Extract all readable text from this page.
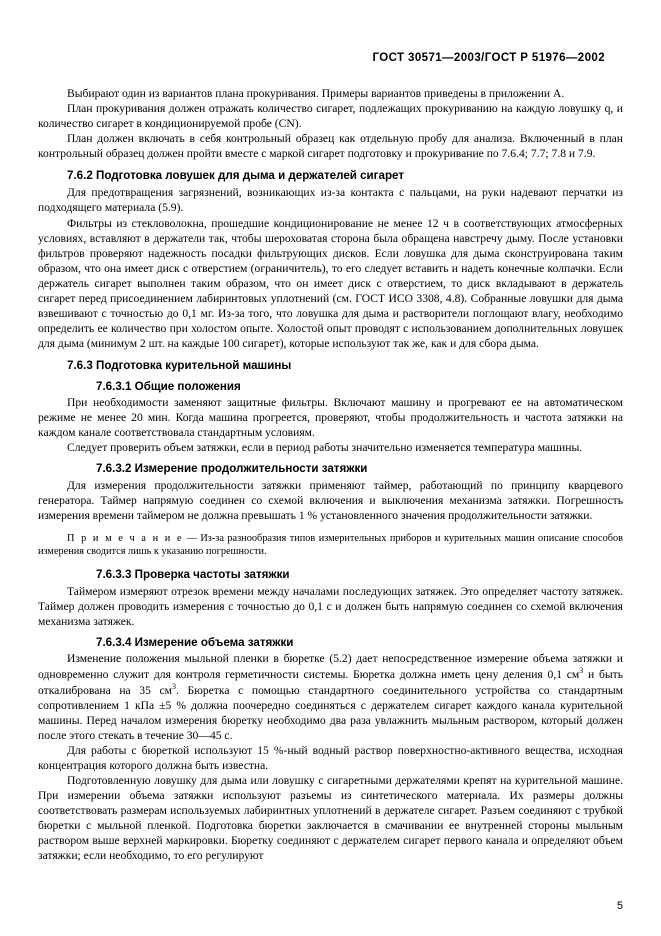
ГОСТ 30571—2003/ГОСТ Р 51976—2002

Выбирают один из вариантов плана прокуривания. Примеры вариантов приведены в приложении А.

План прокуривания должен отражать количество сигарет, подлежащих прокуриванию на каждую ловушку q, и количество сигарет в кондиционируемой пробе (CN).

План должен включать в себя контрольный образец как отдельную пробу для анализа. Включенный в план контрольный образец должен пройти вместе с маркой сигарет подготовку и прокуривание по 7.6.4; 7.7; 7.8 и 7.9.

7.6.2 Подготовка ловушек для дыма и держателей сигарет

Для предотвращения загрязнений, возникающих из-за контакта с пальцами, на руки надевают перчатки из подходящего материала (5.9).

Фильтры из стекловолокна, прошедшие кондиционирование не менее 12 ч в соответствующих атмосферных условиях, вставляют в держатели так, чтобы шероховатая сторона была обращена навстречу дыму. После установки фильтров проверяют надежность посадки фильтрующих дисков. Если ловушка для дыма сконструирована таким образом, что она имеет диск с отверстием (ограничитель), то его следует вставить и надеть конечные колпачки. Если держатель сигарет выполнен таким образом, что он имеет диск с отверстием, то диск вкладывают в держатель сигарет перед присоединением лабиринтовых уплотнений (см. ГОСТ ИСО 3308, 4.8). Собранные ловушки для дыма взвешивают с точностью до 0,1 мг. Из-за того, что ловушка для дыма и растворители поглощают влагу, необходимо определить ее количество при холостом опыте. Холостой опыт проводят с использованием дополнительных ловушек для дыма (минимум 2 шт. на каждые 100 сигарет), которые используют так же, как и для сбора дыма.

7.6.3 Подготовка курительной машины
7.6.3.1 Общие положения

При необходимости заменяют защитные фильтры. Включают машину и прогревают ее на автоматическом режиме не менее 20 мин. Когда машина прогреется, проверяют, чтобы продолжительность и частота затяжки на каждом канале соответствовала стандартным условиям.

Следует проверить объем затяжки, если в период работы значительно изменяется температура машины.

7.6.3.2 Измерение продолжительности затяжки

Для измерения продолжительности затяжки применяют таймер, работающий по принципу кварцевого генератора. Таймер напрямую соединен со схемой включения и выключения механизма затяжки. Погрешность измерения времени таймером не должна превышать 1 % установленного значения продолжительности затяжки.

П р и м е ч а н и е — Из-за разнообразия типов измерительных приборов и курительных машин описание способов измерения сводится лишь к указанию погрешности.

7.6.3.3 Проверка частоты затяжки

Таймером измеряют отрезок времени между началами последующих затяжек. Это определяет частоту затяжек. Таймер должен проводить измерения с точностью до 0,1 с и должен быть напрямую соединен со схемой включения механизма затяжек.

7.6.3.4 Измерение объема затяжки

Изменение положения мыльной пленки в бюретке (5.2) дает непосредственное измерение объема затяжки и одновременно служит для контроля герметичности системы. Бюретка должна иметь цену деления 0,1 $см^3$ и быть откалибрована на 35 $см^3$. Бюретка с помощью стандартного соединительного устройства со стандартным сопротивлением 1 кПа ±5 % должна поочередно соединяться с держателем сигарет каждого канала курительной машины. Перед началом измерения бюретку необходимо два раза увлажнить мыльным раствором, который должен после этого стекать в течение 30—45 с.

Для работы с бюреткой используют 15 %-ный водный раствор поверхностно-активного вещества, исходная концентрация которого должна быть известна.

Подготовленную ловушку для дыма или ловушку с сигаретными держателями крепят на курительной машине. При измерении объема затяжки используют разъемы из синтетического материала. Их размеры должны соответствовать размерам используемых лабиринтных уплотнений в держателе сигарет. Разъем соединяют с трубкой бюретки с мыльной пленкой. Подготовка бюретки заключается в смачивании ее внутренней стороны мыльным раствором выше верхней маркировки. Бюретку соединяют с держателем сигарет первого канала и определяют объем затяжки; если необходимо, то его регулируют

5
